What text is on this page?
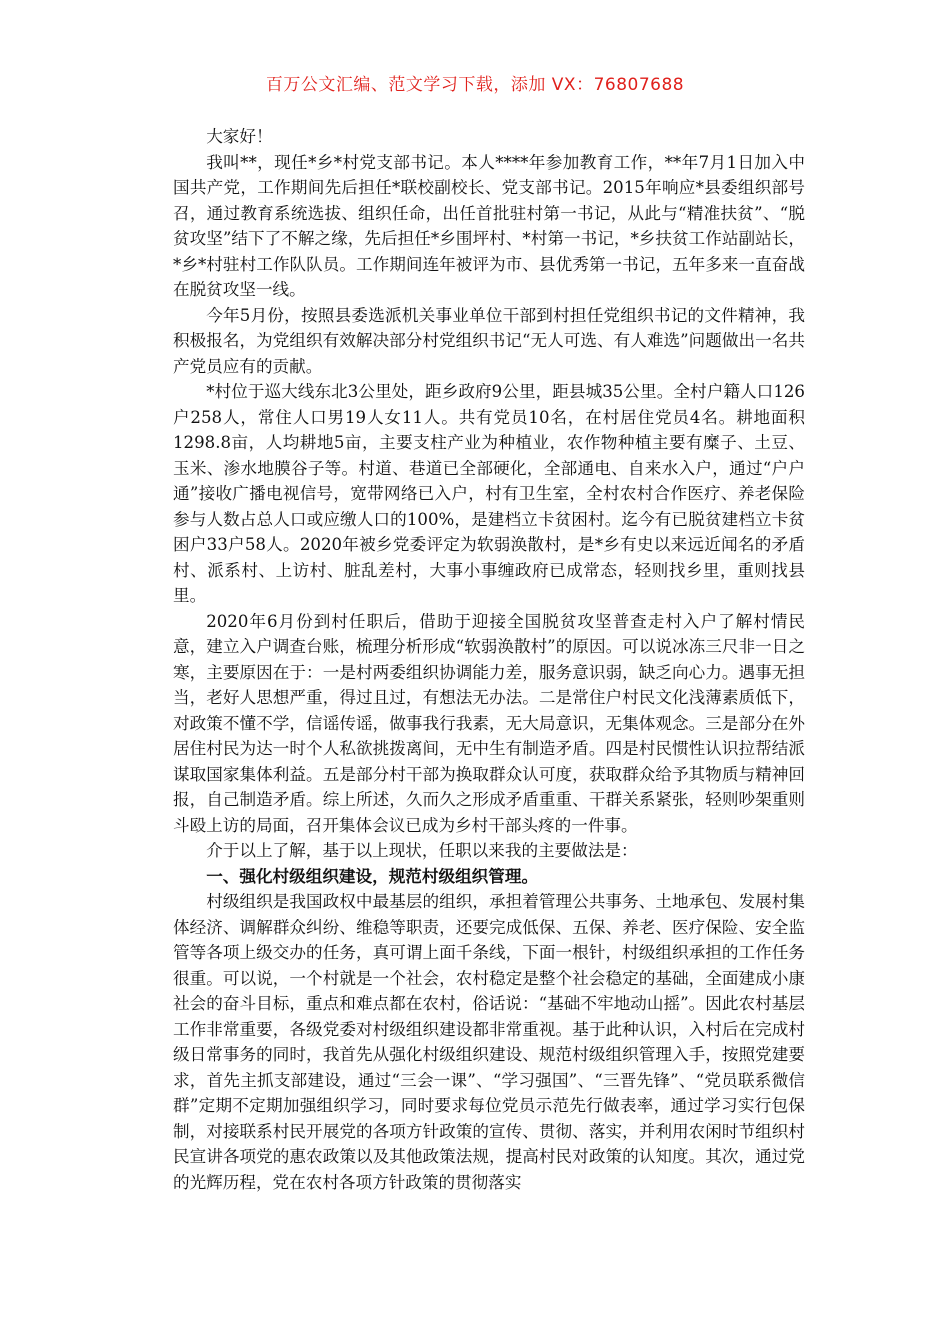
百万公文汇编、范文学习下载，添加 VX：76807688

大家好！

我叫**，现任*乡*村党支部书记。本人****年参加教育工作，**年7月1日加入中国共产党，工作期间先后担任*联校副校长、党支部书记。2015年响应*县委组织部号召，通过教育系统选拔、组织任命，出任首批驻村第一书记，从此与“精准扶贫”、“脱贫攻坚”结下了不解之缘，先后担任*乡围坪村、*村第一书记，*乡扶贫工作站副站长，*乡*村驻村工作队队员。工作期间连年被评为市、县优秀第一书记，五年多来一直奋战在脱贫攻坚一线。

今年5月份，按照县委选派机关事业单位干部到村担任党组织书记的文件精神，我积极报名，为党组织有效解决部分村党组织书记“无人可选、有人难选”问题做出一名共产党员应有的贡献。

*村位于巡大线东北3公里处，距乡政府9公里，距县城35公里。全村户籍人口126户258人，常住人口男19人女11人。共有党员10名，在村居住党员4名。耕地面积1298.8亩，人均耕地5亩，主要支柱产业为种植业，农作物种植主要有糜子、土豆、玉米、渗水地膜谷子等。村道、巷道已全部硬化，全部通电、自来水入户，通过“户户通”接收广播电视信号，宽带网络已入户，村有卫生室，全村农村合作医疗、养老保险参与人数占总人口或应缴人口的100%，是建档立卡贫困村。迄今有已脱贫建档立卡贫困户33户58人。2020年被乡党委评定为软弱涣散村，是*乡有史以来远近闻名的矛盾村、派系村、上访村、脏乱差村，大事小事缠政府已成常态，轻则找乡里，重则找县里。

2020年6月份到村任职后，借助于迎接全国脱贫攻坚普查走村入户了解村情民意，建立入户调查台账，梳理分析形成“软弱涣散村”的原因。可以说冰冻三尺非一日之寒，主要原因在于：一是村两委组织协调能力差，服务意识弱，缺乏向心力。遇事无担当，老好人思想严重，得过且过，有想法无办法。二是常住户村民文化浅薄素质低下，对政策不懂不学，信谣传谣，做事我行我素，无大局意识，无集体观念。三是部分在外居住村民为达一时个人私欲挑拨离间，无中生有制造矛盾。四是村民惯性认识拉帮结派谋取国家集体利益。五是部分村干部为换取群众认可度，获取群众给予其物质与精神回报，自己制造矛盾。综上所述，久而久之形成矛盾重重、干群关系紧张，轻则吵架重则斗殴上访的局面，召开集体会议已成为乡村干部头疼的一件事。

介于以上了解，基于以上现状，任职以来我的主要做法是：

一、强化村级组织建设，规范村级组织管理。

村级组织是我国政权中最基层的组织，承担着管理公共事务、土地承包、发展村集体经济、调解群众纠纷、维稳等职责，还要完成低保、五保、养老、医疗保险、安全监管等各项上级交办的任务，真可谓上面千条线，下面一根针，村级组织承担的工作任务很重。可以说，一个村就是一个社会，农村稳定是整个社会稳定的基础，全面建成小康社会的奋斗目标，重点和难点都在农村，俗话说：“基础不牢地动山摇”。因此农村基层工作非常重要，各级党委对村级组织建设都非常重视。基于此种认识，入村后在完成村级日常事务的同时，我首先从强化村级组织建设、规范村级组织管理入手，按照党建要求，首先主抓支部建设，通过“三会一课”、“学习强国”、“三晋先锋”、“党员联系微信群”定期不定期加强组织学习，同时要求每位党员示范先行做表率，通过学习实行包保制，对接联系村民开展党的各项方针政策的宣传、贯彻、落实，并利用农闲时节组织村民宣讲各项党的惠农政策以及其他政策法规，提高村民对政策的认知度。其次，通过党的光辉历程，党在农村各项方针政策的贯彻落实
